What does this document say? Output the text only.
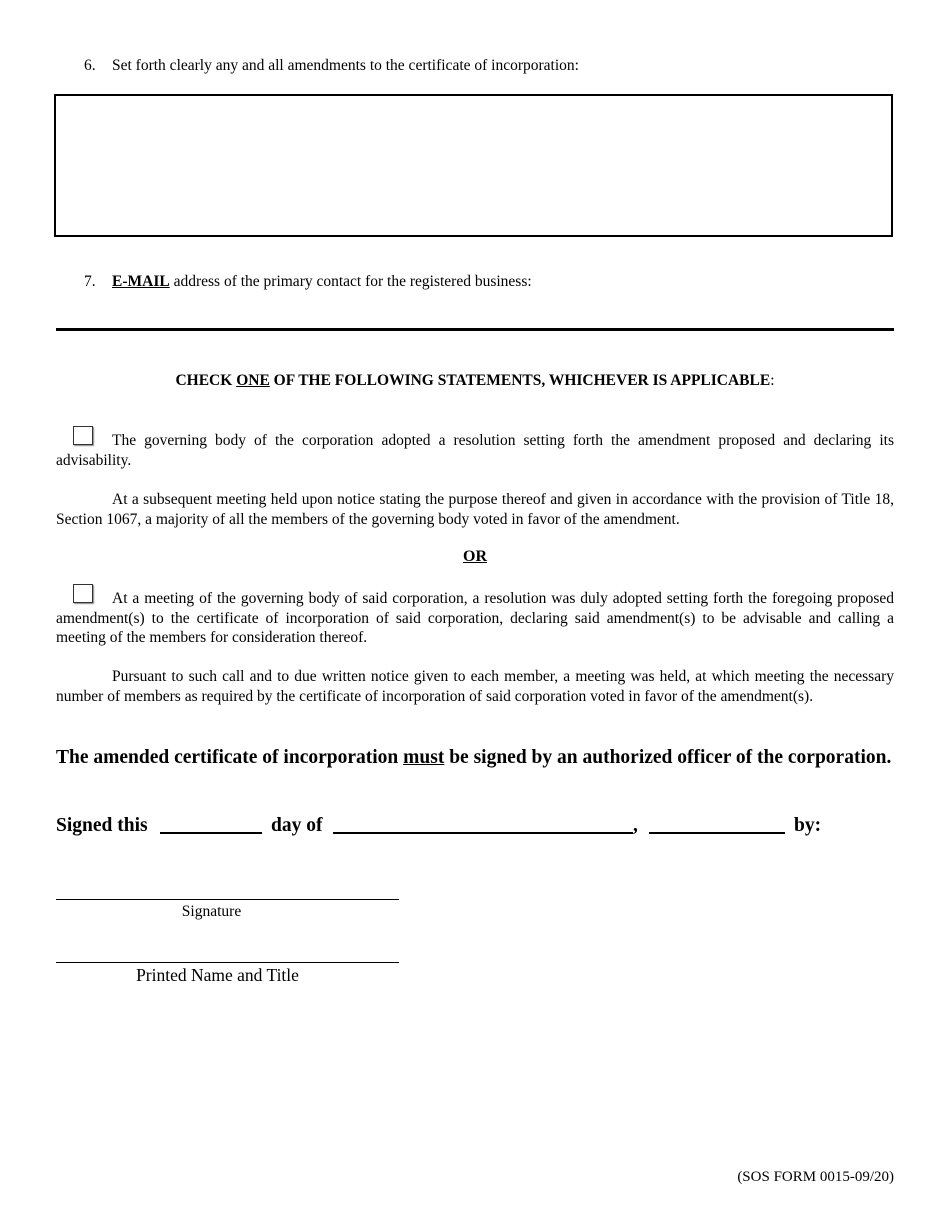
6. Set forth clearly any and all amendments to the certificate of incorporation:
7. E-MAIL address of the primary contact for the registered business:
CHECK ONE OF THE FOLLOWING STATEMENTS, WHICHEVER IS APPLICABLE:
The governing body of the corporation adopted a resolution setting forth the amendment proposed and declaring its advisability.
At a subsequent meeting held upon notice stating the purpose thereof and given in accordance with the provision of Title 18, Section 1067, a majority of all the members of the governing body voted in favor of the amendment.
OR
At a meeting of the governing body of said corporation, a resolution was duly adopted setting forth the foregoing proposed amendment(s) to the certificate of incorporation of said corporation, declaring said amendment(s) to be advisable and calling a meeting of the members for consideration thereof.
Pursuant to such call and to due written notice given to each member, a meeting was held, at which meeting the necessary number of members as required by the certificate of incorporation of said corporation voted in favor of the amendment(s).
The amended certificate of incorporation must be signed by an authorized officer of the corporation.
Signed this	day of	,	by:
Signature
Printed Name and Title
(SOS FORM 0015-09/20)
